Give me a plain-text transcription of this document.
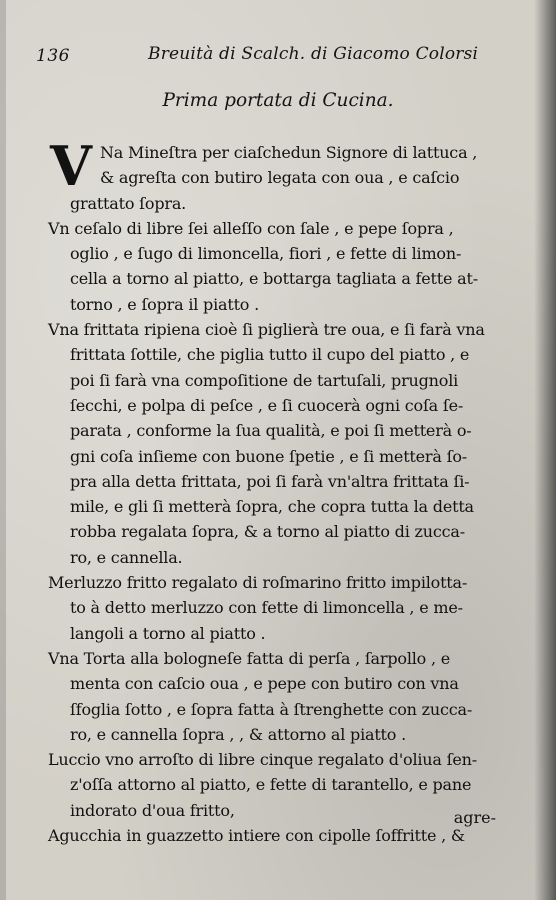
136	Breuità di Scalch. di Giacomo Colorsi
Prima portata di Cucina.
V Na Mineſtra per ciaſchedun Signore di lattuca ,
& agreſta con butiro legata con oua , e caſcio
grattato ſopra.
Vn ceſalo di libre ſei alleſſo con ſale , e pepe ſopra ,
oglio , e ſugo di limoncella, fiori , e fette di limon-
cella a torno al piatto, e bottarga tagliata a fette at-
torno , e ſopra il piatto .
Vna frittata ripiena cioè ſi piglierà tre oua, e ſi farà vna
frittata ſottile, che piglia tutto il cupo del piatto , e
poi ſi farà vna compoſitione de tartuſali, prugnoli
ſecchi, e polpa di peſce , e ſi cuocerà ogni coſa ſe-
parata , conforme la ſua qualità, e poi ſi metterà o-
gni coſa inſieme con buone ſpetie , e ſi metterà ſo-
pra alla detta frittata, poi ſi farà vn'altra frittata ſi-
mile, e gli ſi metterà ſopra, che copra tutta la detta
robba regalata ſopra, & a torno al piatto di zucca-
ro, e cannella.
Merluzzo fritto regalato di roſmarino fritto impilotta-
to à detto merluzzo con fette di limoncella , e me-
langoli a torno al piatto .
Vna Torta alla bologneſe fatta di perſa , ſarpollo , e
menta con caſcio oua , e pepe con butiro con vna
ſfoglia ſotto , e ſopra fatta à ſtrenghette con zucca-
ro, e cannella ſopra , , & attorno al piatto .
Luccio vno arroſto di libre cinque regalato d'oliua ſen-
z'oſſa attorno al piatto, e fette di tarantello, e pane
indorato d'oua fritto,
Agucchia in guazzetto intiere con cipolle ſoffritte , &
agre-
